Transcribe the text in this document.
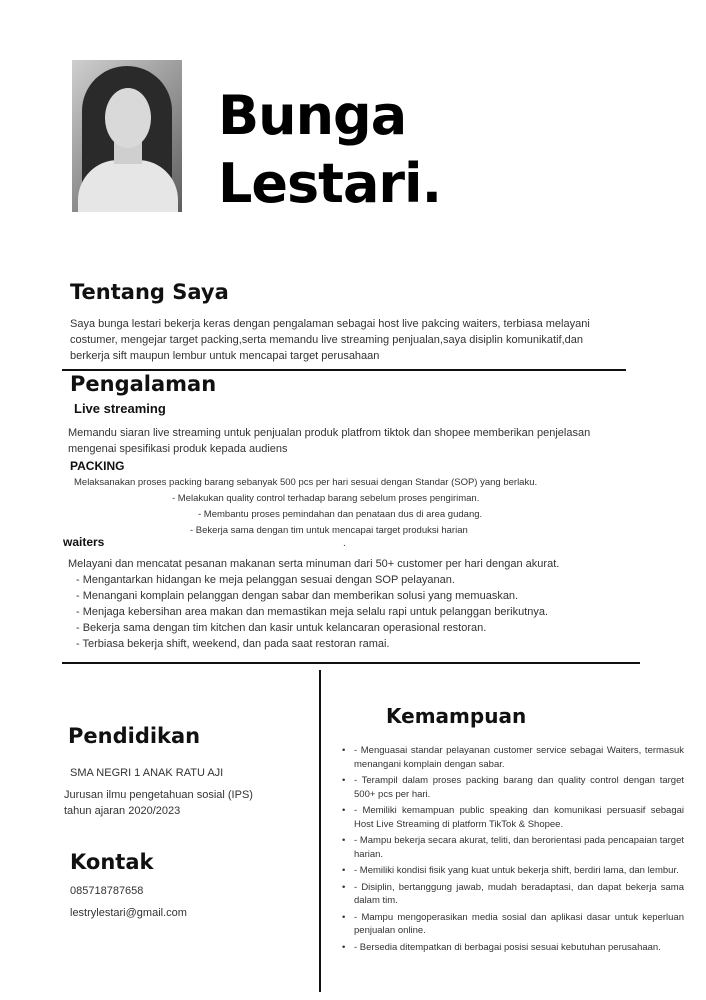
Bunga
Lestari.
Tentang Saya
Saya bunga lestari bekerja keras dengan pengalaman sebagai host live pakcing waiters, terbiasa melayani
costumer, mengejar target packing,serta memandu live streaming penjualan,saya disiplin komunikatif,dan
berkerja sift maupun lembur untuk mencapai target perusahaan
Pengalaman
Live streaming
Memandu siaran live streaming untuk penjualan produk platfrom tiktok dan shopee memberikan penjelasan
mengenai spesifikasi produk kepada audiens
PACKING
Melaksanakan proses packing barang sebanyak 500 pcs per hari sesuai dengan Standar (SOP) yang berlaku.
- Melakukan quality control terhadap barang sebelum proses pengiriman.
- Membantu proses pemindahan dan penataan dus di area gudang.
- Bekerja sama dengan tim untuk mencapai target produksi harian
waiters	.
Melayani dan mencatat pesanan makanan serta minuman dari 50+ customer per hari dengan akurat.
- Mengantarkan hidangan ke meja pelanggan sesuai dengan SOP pelayanan.
- Menangani komplain pelanggan dengan sabar dan memberikan solusi yang memuaskan.
- Menjaga kebersihan area makan dan memastikan meja selalu rapi untuk pelanggan berikutnya.
- Bekerja sama dengan tim kitchen dan kasir untuk kelancaran operasional restoran.
- Terbiasa bekerja shift, weekend, dan pada saat restoran ramai.
Pendidikan
SMA NEGRI 1 ANAK RATU AJI
Jurusan ilmu pengetahuan sosial (IPS)
tahun ajaran 2020/2023
Kontak
085718787658
lestrylestari@gmail.com
Kemampuan
• - Menguasai standar pelayanan customer service sebagai Waiters, termasuk menangani komplain dengan sabar.
• - Terampil dalam proses packing barang dan quality control dengan target 500+ pcs per hari.
• - Memiliki kemampuan public speaking dan komunikasi persuasif sebagai Host Live Streaming di platform TikTok & Shopee.
• - Mampu bekerja secara akurat, teliti, dan berorientasi pada pencapaian target harian.
• - Memiliki kondisi fisik yang kuat untuk bekerja shift, berdiri lama, dan lembur.
• - Disiplin, bertanggung jawab, mudah beradaptasi, dan dapat bekerja sama dalam tim.
• - Mampu mengoperasikan media sosial dan aplikasi dasar untuk keperluan penjualan online.
• - Bersedia ditempatkan di berbagai posisi sesuai kebutuhan perusahaan.
